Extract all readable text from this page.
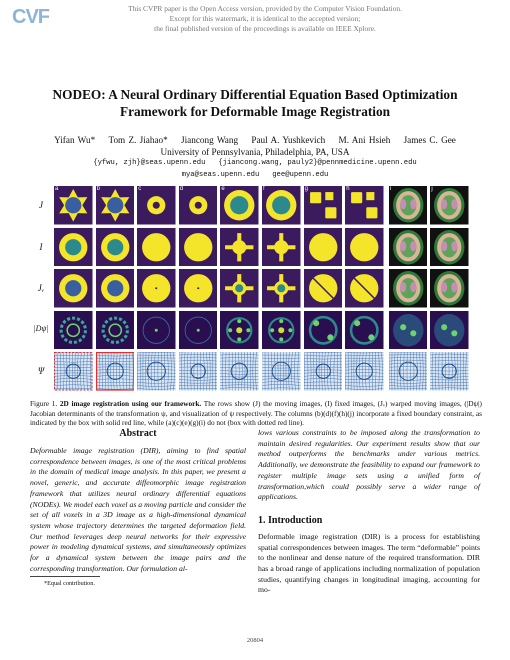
CVF	This CVPR paper is the Open Access version, provided by the Computer Vision Foundation.
Except for this watermark, it is identical to the accepted version;
the final published version of the proceedings is available on IEEE Xplore.
NODEO: A Neural Ordinary Differential Equation Based Optimization
Framework for Deformable Image Registration
Yifan Wu* Tom Z. Jiahao* Jiancong Wang Paul A. Yushkevich M. Ani Hsieh James C. Gee
University of Pennsylvania, Philadelphia, PA, USA
{yfwu, zjh}@seas.upenn.edu   {jiancong.wang, pauly2}@pennmedicine.upenn.edu
mya@seas.upenn.edu   gee@upenn.edu
J
I
Jᵥ
|Dψ|
Ψ
a	b	c	d	e	f	g	h	i	j
Figure 1. 2D image registration using our framework. The rows show (J) the moving images, (I) fixed images, (Jᵥ) warped moving images, (|Dψ|) Jacobian determinants of the transformation ψ, and visualization of ψ respectively. The columns (b)(d)(f)(h)(j) incorporate a fixed boundary constraint, as indicated by the box with solid red line, while (a)(c)(e)(g)(i) do not (box with dotted red line).
Abstract
Deformable image registration (DIR), aiming to find spatial correspondence between images, is one of the most critical problems in the domain of medical image analysis. In this paper, we present a novel, generic, and accurate diffeomorphic image registration framework that utilizes neural ordinary differential equations (NODEs). We model each voxel as a moving particle and consider the set of all voxels in a 3D image as a high-dimensional dynamical system whose trajectory determines the targeted deformation field. Our method leverages deep neural networks for their expressive power in modeling dynamical systems, and simultaneously optimizes for a dynamical system between the image pairs and the corresponding transformation. Our formulation al-
lows various constraints to be imposed along the transformation to maintain desired regularities. Our experiment results show that our method outperforms the benchmarks under various metrics. Additionally, we demonstrate the feasibility to expand our framework to register multiple image sets using a unified form of transformation,which could possibly serve a wider range of applications.
1. Introduction
Deformable image registration (DIR) is a process for establishing spatial correspondences between images. The term “deformable” points to the nonlinear and dense nature of the required transformation. DIR has a broad range of applications including normalization of population studies, quantifying changes in longitudinal imaging, accounting for mo-
*Equal contribution.
20804
